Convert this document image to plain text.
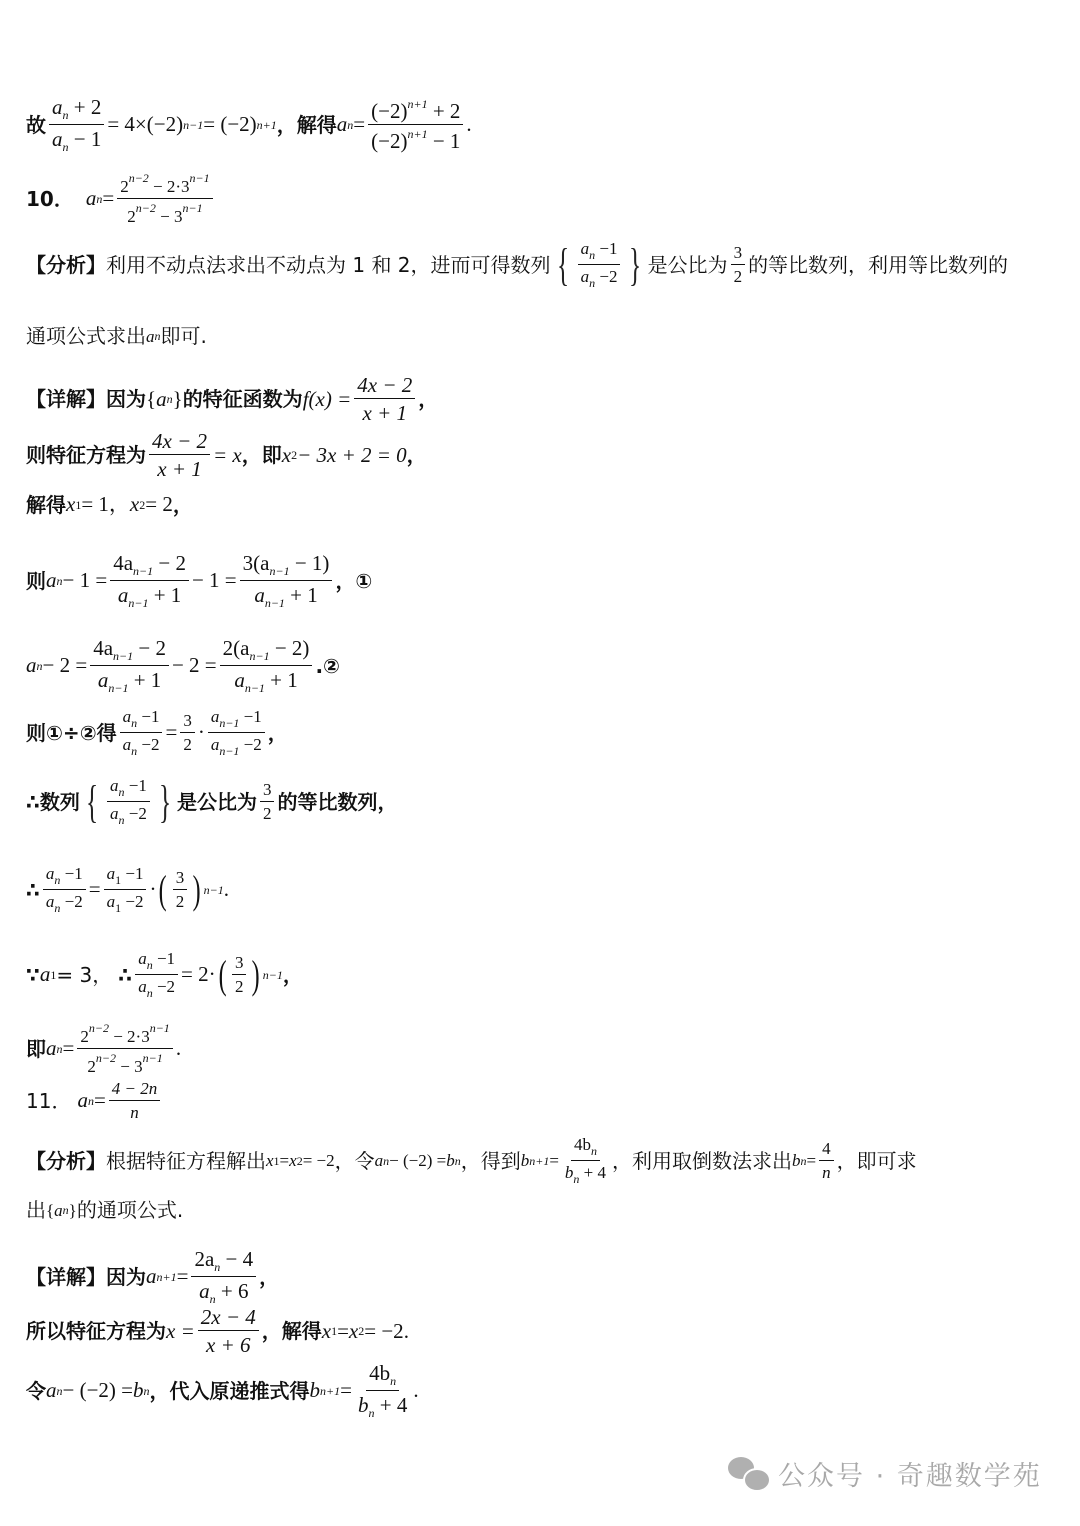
故 $\frac{a_n + 2}{a_n - 1} = 4\times(-2) n-1 = (-2)$ n+1 ，解得 a $n = \frac{(-2)^{n+1} + 2}{(-2)^{n+1} - 1}$ .
10． a $n = \frac{2^{n-2} - 2\cdot 3^{n-1}}{2^{n-2} - 3^{n-1}}$
【分析】 利用不动点法求出不动点为 1 和 2，进而可得数列 { $\frac{a_n -1}{a_n -2}$ } 是公比为 $\frac{3}{2}$ 的等比数列，利用等比数列的
通项公式求出 a n 即可.
【详解】 因为 { a n } 的特征函数为 f $(x) = \frac{4x - 2}{x + 1}$ ，
则特征方程为 $\frac{4x - 2}{x + 1} = x$ ，即 x 2 − 3x + 2 = 0 ，
解得 x 1 = 1， x 2 = 2 ，
则 a $n - 1 = \frac{4a_{n-1} - 2}{a_{n-1} + 1} - 1 = \frac{3(a_{n-1} - 1)}{a_{n-1} + 1}$ ，①
a $n - 2 = \frac{4a_{n-1} - 2}{a_{n-1} + 1} - 2 = \frac{2(a_{n-1} - 2)}{a_{n-1} + 1}$ .②
则①÷②得 $\frac{a_n -1}{a_n -2} = \frac{3}{2} \cdot \frac{a_{n-1} -1}{a_{n-1} -2}$ ，
∴数列 { $\frac{a_n -1}{a_n -2}$ } 是公比为 $\frac{3}{2}$ 的等比数列，
∴ $\frac{a_n -1}{a_n -2} = \frac{a_1 -1}{a_1 -2}$ · ( $\frac{3}{2}$ ) n−1 .
∵ a 1 = 3， ∴ $\frac{a_n -1}{a_n -2} = 2\cdot$ ( $\frac{3}{2}$ ) n−1 ，
即 a $n = \frac{2^{n-2} - 2\cdot 3^{n-1}}{2^{n-2} - 3^{n-1}}$ .
11． a $n = \frac{4 - 2n}{n}$
【分析】 根据特征方程解出 x 1 = x 2 = −2 ，令 a n − (−2) = b n ，得到 b $n+1 = \frac{4b_n}{b_n + 4}$ ，利用取倒数法求出 b $n = \frac{4}{n}$ ，即可求
出 { a n } 的通项公式.
【详解】 因为 a $n+1 = \frac{2a_n - 4}{a_n + 6}$ ，
所以特征方程为 $x = \frac{2x - 4}{x + 6}$ ，解得 x 1 = x 2 = −2 .
令 a n − (−2) = b n ，代入原递推式得 b $n+1 = \frac{4b_n}{b_n + 4}$ .
公众号 · 奇趣数学苑
